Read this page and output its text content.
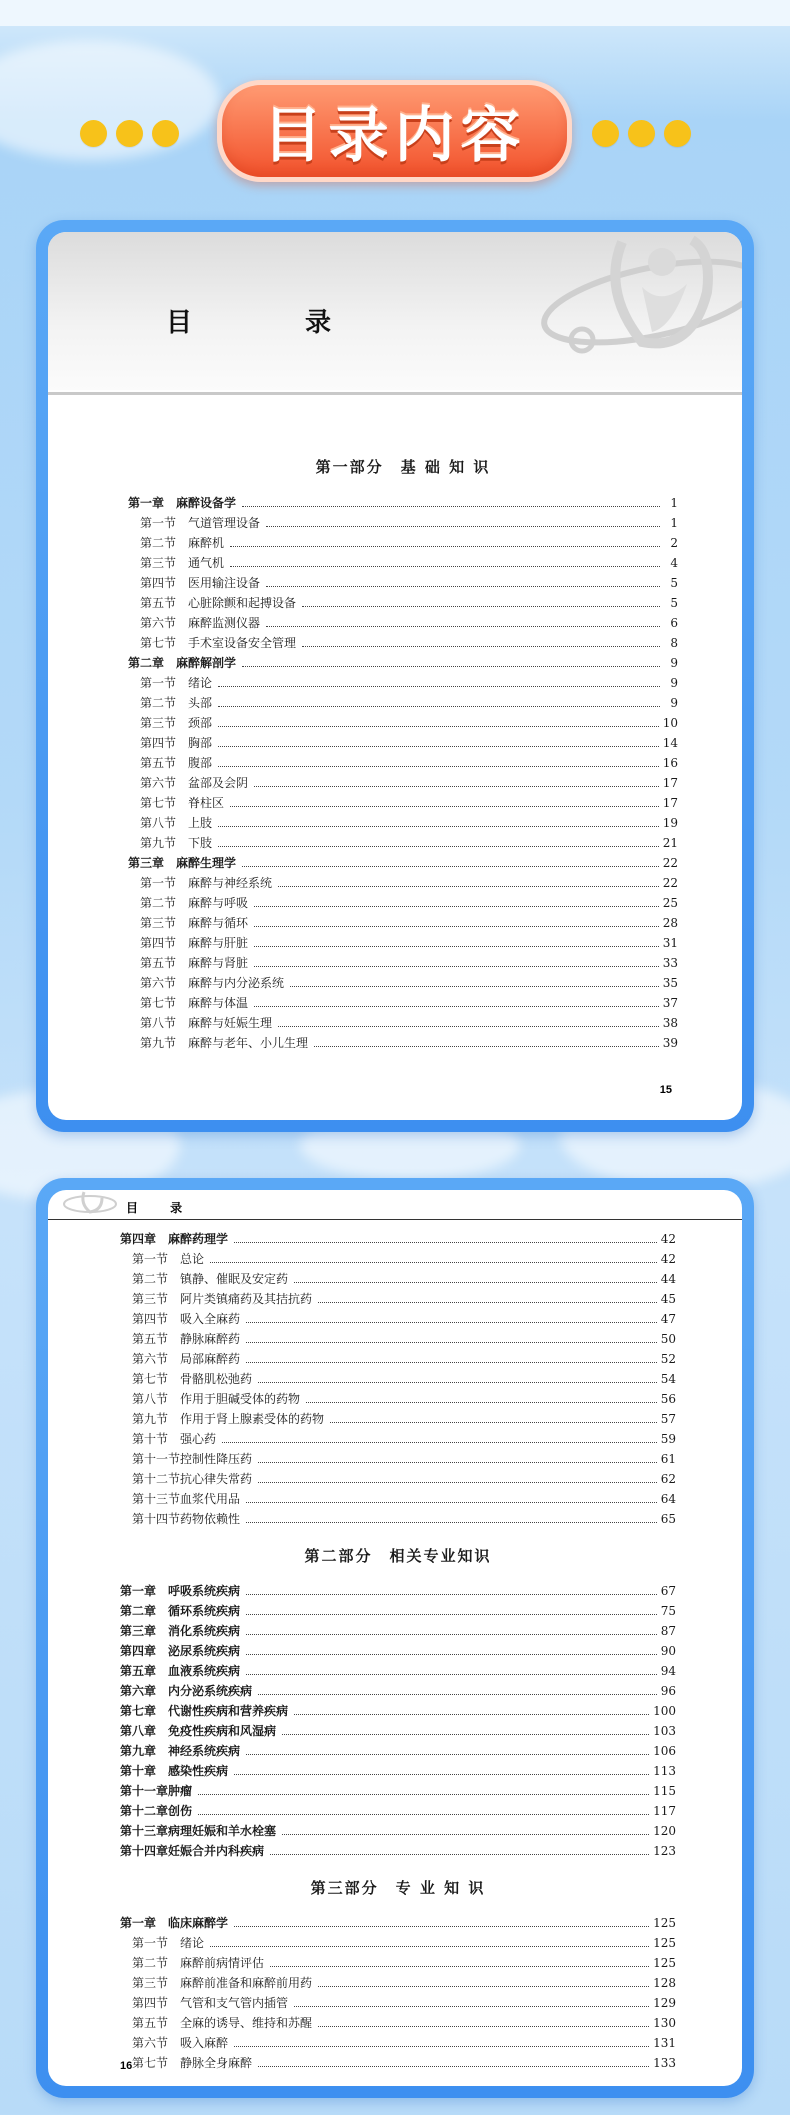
目录内容
目 录
第一部分　基 础 知 识
第一章 麻醉设备学	1
第一节 气道管理设备	1
第二节 麻醉机	2
第三节 通气机	4
第四节 医用输注设备	5
第五节 心脏除颤和起搏设备	5
第六节 麻醉监测仪器	6
第七节 手术室设备安全管理	8
第二章 麻醉解剖学	9
第一节 绪论	9
第二节 头部	9
第三节 颈部	10
第四节 胸部	14
第五节 腹部	16
第六节 盆部及会阴	17
第七节 脊柱区	17
第八节 上肢	19
第九节 下肢	21
第三章 麻醉生理学	22
第一节 麻醉与神经系统	22
第二节 麻醉与呼吸	25
第三节 麻醉与循环	28
第四节 麻醉与肝脏	31
第五节 麻醉与肾脏	33
第六节 麻醉与内分泌系统	35
第七节 麻醉与体温	37
第八节 麻醉与妊娠生理	38
第九节 麻醉与老年、小儿生理	39
15
目 录
第四章 麻醉药理学	42
第一节 总论	42
第二节 镇静、催眠及安定药	44
第三节 阿片类镇痛药及其拮抗药	45
第四节 吸入全麻药	47
第五节 静脉麻醉药	50
第六节 局部麻醉药	52
第七节 骨骼肌松弛药	54
第八节 作用于胆碱受体的药物	56
第九节 作用于肾上腺素受体的药物	57
第十节 强心药	59
第十一节 控制性降压药	61
第十二节 抗心律失常药	62
第十三节 血浆代用品	64
第十四节 药物依赖性	65
第二部分　相关专业知识
第一章 呼吸系统疾病	67
第二章 循环系统疾病	75
第三章 消化系统疾病	87
第四章 泌尿系统疾病	90
第五章 血液系统疾病	94
第六章 内分泌系统疾病	96
第七章 代谢性疾病和营养疾病	100
第八章 免疫性疾病和风湿病	103
第九章 神经系统疾病	106
第十章 感染性疾病	113
第十一章 肿瘤	115
第十二章 创伤	117
第十三章 病理妊娠和羊水栓塞	120
第十四章 妊娠合并内科疾病	123
第三部分　专 业 知 识
第一章 临床麻醉学	125
第一节 绪论	125
第二节 麻醉前病情评估	125
第三节 麻醉前准备和麻醉前用药	128
第四节 气管和支气管内插管	129
第五节 全麻的诱导、维持和苏醒	130
第六节 吸入麻醉	131
第七节 静脉全身麻醉	133
16
